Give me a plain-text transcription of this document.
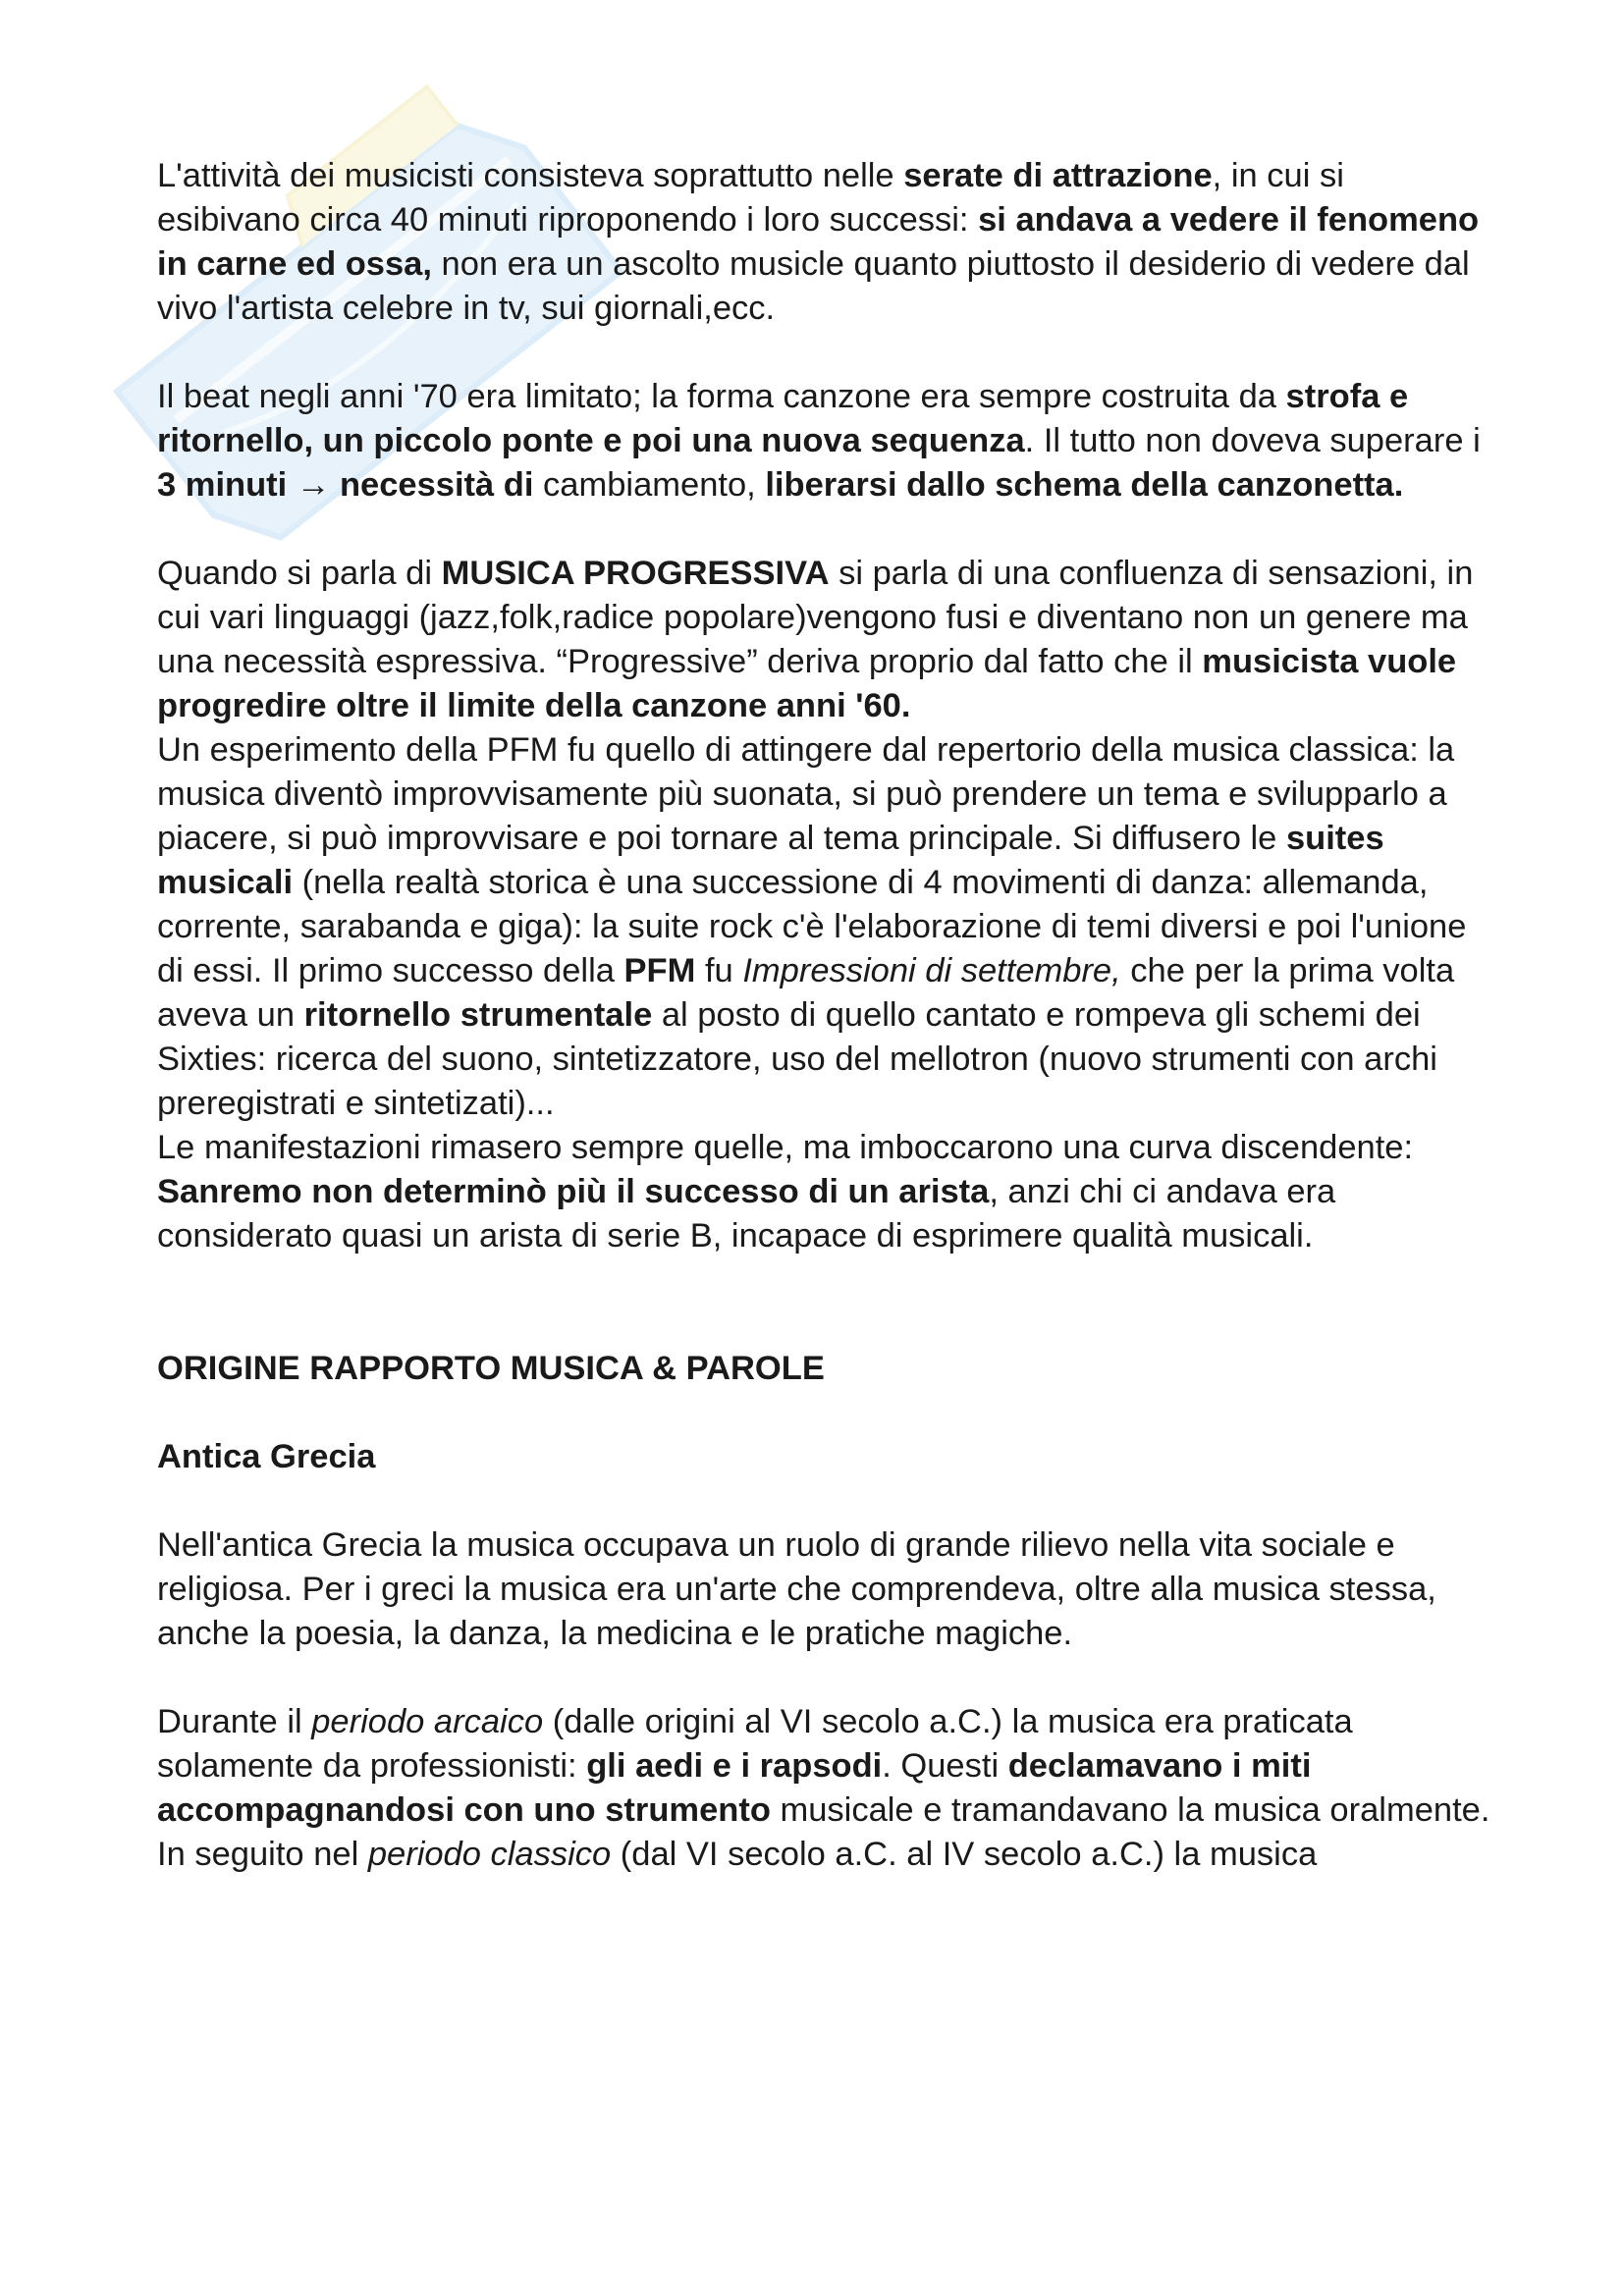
L'attività dei musicisti consisteva soprattutto nelle serate di attrazione, in cui si esibivano circa 40 minuti riproponendo i loro successi: si andava a vedere il fenomeno in carne ed ossa, non era un ascolto musicle quanto piuttosto il desiderio di vedere dal vivo l'artista celebre in tv, sui giornali,ecc.

Il beat negli anni '70 era limitato; la forma canzone era sempre costruita da strofa e ritornello, un piccolo ponte e poi una nuova sequenza. Il tutto non doveva superare i 3 minuti → necessità di cambiamento, liberarsi dallo schema della canzonetta.

Quando si parla di MUSICA PROGRESSIVA si parla di una confluenza di sensazioni, in cui vari linguaggi (jazz,folk,radice popolare)vengono fusi e diventano non un genere ma una necessità espressiva. “Progressive” deriva proprio dal fatto che il musicista vuole progredire oltre il limite della canzone anni '60.

Un esperimento della PFM fu quello di attingere dal repertorio della musica classica: la musica diventò improvvisamente più suonata, si può prendere un tema e svilupparlo a piacere, si può improvvisare e poi tornare al tema principale. Si diffusero le suites musicali (nella realtà storica è una successione di 4 movimenti di danza: allemanda, corrente, sarabanda e giga): la suite rock c'è l'elaborazione di temi diversi e poi l'unione di essi. Il primo successo della PFM fu Impressioni di settembre, che per la prima volta aveva un ritornello strumentale al posto di quello cantato e rompeva gli schemi dei Sixties: ricerca del suono, sintetizzatore, uso del mellotron (nuovo strumenti con archi preregistrati e sintetizati)...

Le manifestazioni rimasero sempre quelle, ma imboccarono una curva discendente: Sanremo non determinò più il successo di un arista, anzi chi ci andava era considerato quasi un arista di serie B, incapace di esprimere qualità musicali.

ORIGINE RAPPORTO MUSICA & PAROLE

Antica Grecia

Nell'antica Grecia la musica occupava un ruolo di grande rilievo nella vita sociale e religiosa. Per i greci la musica era un'arte che comprendeva, oltre alla musica stessa, anche la poesia, la danza, la medicina e le pratiche magiche.

Durante il periodo arcaico (dalle origini al VI secolo a.C.) la musica era praticata solamente da professionisti: gli aedi e i rapsodi. Questi declamavano i miti accompagnandosi con uno strumento musicale e tramandavano la musica oralmente.

In seguito nel periodo classico (dal VI secolo a.C. al IV secolo a.C.) la musica
